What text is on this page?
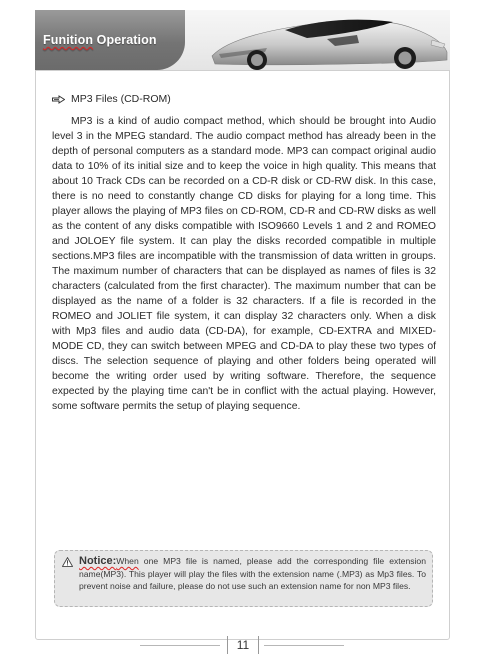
Funition Operation
MP3 Files (CD-ROM)

MP3 is a kind of audio compact method, which should be brought into Audio level 3 in the MPEG standard. The audio compact method has already been in the depth of personal computers as a standard mode. MP3 can compact original audio data to 10% of its initial size and to keep the voice in high quality. This means that about 10 Track CDs can be recorded on a CD-R disk or CD-RW disk. In this case, there is no need to constantly change CD disks for playing for a long time. This player allows the playing of MP3 files on CD-ROM, CD-R and CD-RW disks as well as the content of any disks compatible with ISO9660 Levels 1 and 2 and ROMEO and JOLOEY file system. It can play the disks recorded compatible in multiple sections.MP3 files are incompatible with the transmission of data written in groups. The maximum number of characters that can be displayed as names of files is 32 characters (calculated from the first character). The maximum number that can be displayed as the name of a folder is 32 characters. If a file is recorded in the ROMEO and JOLIET file system, it can display 32 characters only. When a disk with Mp3 files and audio data (CD-DA), for example, CD-EXTRA and MIXED-MODE CD, they can switch between MPEG and CD-DA to play these two types of discs. The selection sequence of playing and other folders being operated will become the writing order used by writing software. Therefore, the sequence expected by the playing time can't be in conflict with the actual playing. However, some software permits the setup of playing sequence.

Notice:When one MP3 file is named, please add the corresponding file extension name(MP3). This player will play the files with the extension name (.MP3) as Mp3 files. To prevent noise and failure, please do not use such an extension name for non MP3 files.
11
